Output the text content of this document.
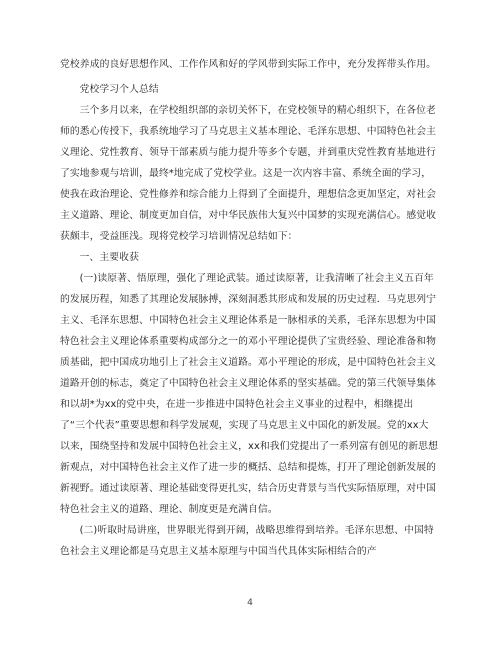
党校养成的良好思想作风、工作作风和好的学风带到实际工作中，充分发挥带头作用。

党校学习个人总结

三个多月以来，在学校组织部的亲切关怀下，在党校领导的精心组织下，在各位老师的悉心传授下，我系统地学习了马克思主义基本理论、毛泽东思想、中国特色社会主义理论、党性教育、领导干部素质与能力提升等多个专题，并到重庆党性教育基地进行了实地参观与培训，最终*地完成了党校学业。这是一次内容丰富、系统全面的学习，使我在政治理论、党性修养和综合能力上得到了全面提升，理想信念更加坚定，对社会主义道路、理论、制度更加自信，对中华民族伟大复兴中国梦的实现充满信心。感觉收获颇丰，受益匪浅。现将党校学习培训情况总结如下：

一、主要收获

(一)读原著、悟原理，强化了理论武装。通过读原著，让我清晰了社会主义五百年的发展历程，知悉了其理论发展脉搏，深刻洞悉其形成和发展的历史过程．马克思列宁主义、毛泽东思想、中国特色社会主义理论体系是一脉相承的关系，毛泽东思想为中国特色社会主义理论体系重要构成部分之一的邓小平理论提供了宝贵经验、理论准备和物质基础，把中国成功地引上了社会主义道路。邓小平理论的形成，是中国特色社会主义道路开创的标志，奠定了中国特色社会主义理论体系的坚实基础。党的第三代领导集体和以胡*为xx的党中央，在进一步推进中国特色社会主义事业的过程中，相继提出了“三个代表”重要思想和科学发展观，实现了马克思主义中国化的新发展。党的xx大以来，围绕坚持和发展中国特色社会主义，xx和我们党提出了一系列富有创见的新思想新观点，对中国特色社会主义作了进一步的概括、总结和提炼，打开了理论创新发展的新视野。通过读原著、理论基础变得更扎实，结合历史背景与当代实际悟原理，对中国特色社会主义的道路、理论、制度更是充满自信。

(二)听取时局讲座，世界眼光得到开阔，战略思维得到培养。毛泽东思想、中国特色社会主义理论都是马克思主义基本原理与中国当代具体实际相结合的产

4
